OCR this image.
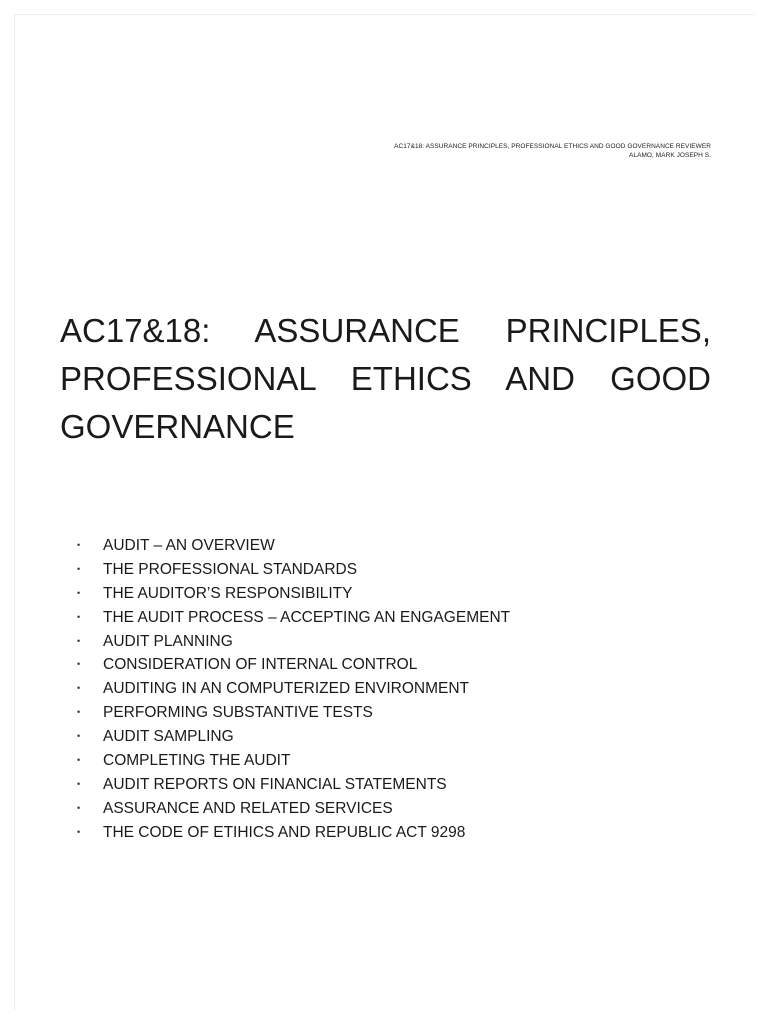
AC17&18: ASSURANCE PRINCIPLES, PROFESSIONAL ETHICS AND GOOD GOVERNANCE REVIEWER
ALAMO, MARK JOSEPH S.
AC17&18: ASSURANCE PRINCIPLES, PROFESSIONAL ETHICS AND GOOD GOVERNANCE
• AUDIT – AN OVERVIEW
• THE PROFESSIONAL STANDARDS
• THE AUDITOR’S RESPONSIBILITY
• THE AUDIT PROCESS – ACCEPTING AN ENGAGEMENT
• AUDIT PLANNING
• CONSIDERATION OF INTERNAL CONTROL
• AUDITING IN AN COMPUTERIZED ENVIRONMENT
• PERFORMING SUBSTANTIVE TESTS
• AUDIT SAMPLING
• COMPLETING THE AUDIT
• AUDIT REPORTS ON FINANCIAL STATEMENTS
• ASSURANCE AND RELATED SERVICES
• THE CODE OF ETIHICS AND REPUBLIC ACT 9298
